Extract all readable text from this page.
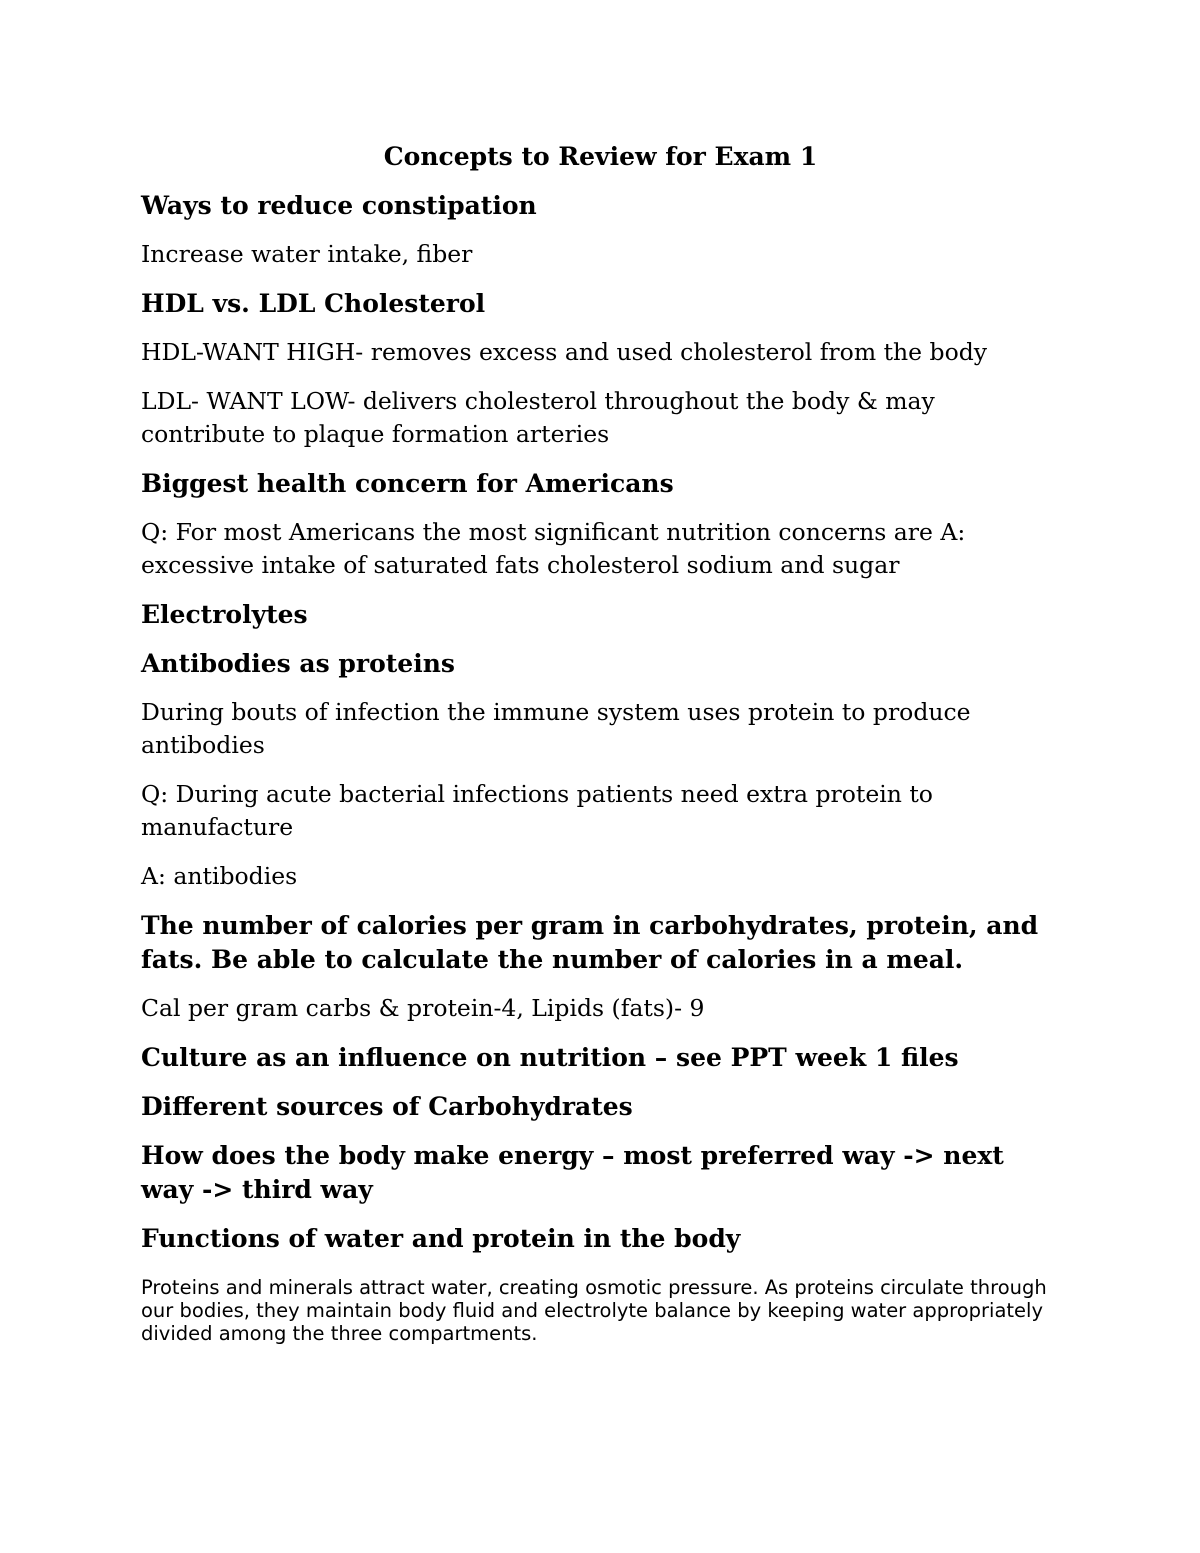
Concepts to Review for Exam 1
Ways to reduce constipation
Increase water intake, fiber
HDL vs. LDL Cholesterol
HDL-WANT HIGH- removes excess and used cholesterol from the body
LDL- WANT LOW- delivers cholesterol throughout the body & may contribute to plaque formation arteries
Biggest health concern for Americans
Q: For most Americans the most significant nutrition concerns are A: excessive intake of saturated fats cholesterol sodium and sugar
Electrolytes
Antibodies as proteins
During bouts of infection the immune system uses protein to produce antibodies
Q: During acute bacterial infections patients need extra protein to manufacture
A: antibodies
The number of calories per gram in carbohydrates, protein, and fats. Be able to calculate the number of calories in a meal.
Cal per gram carbs & protein-4, Lipids (fats)- 9
Culture as an influence on nutrition – see PPT week 1 files
Different sources of Carbohydrates
How does the body make energy – most preferred way -> next way -> third way
Functions of water and protein in the body
Proteins and minerals attract water, creating osmotic pressure. As proteins circulate through our bodies, they maintain body fluid and electrolyte balance by keeping water appropriately divided among the three compartments.
